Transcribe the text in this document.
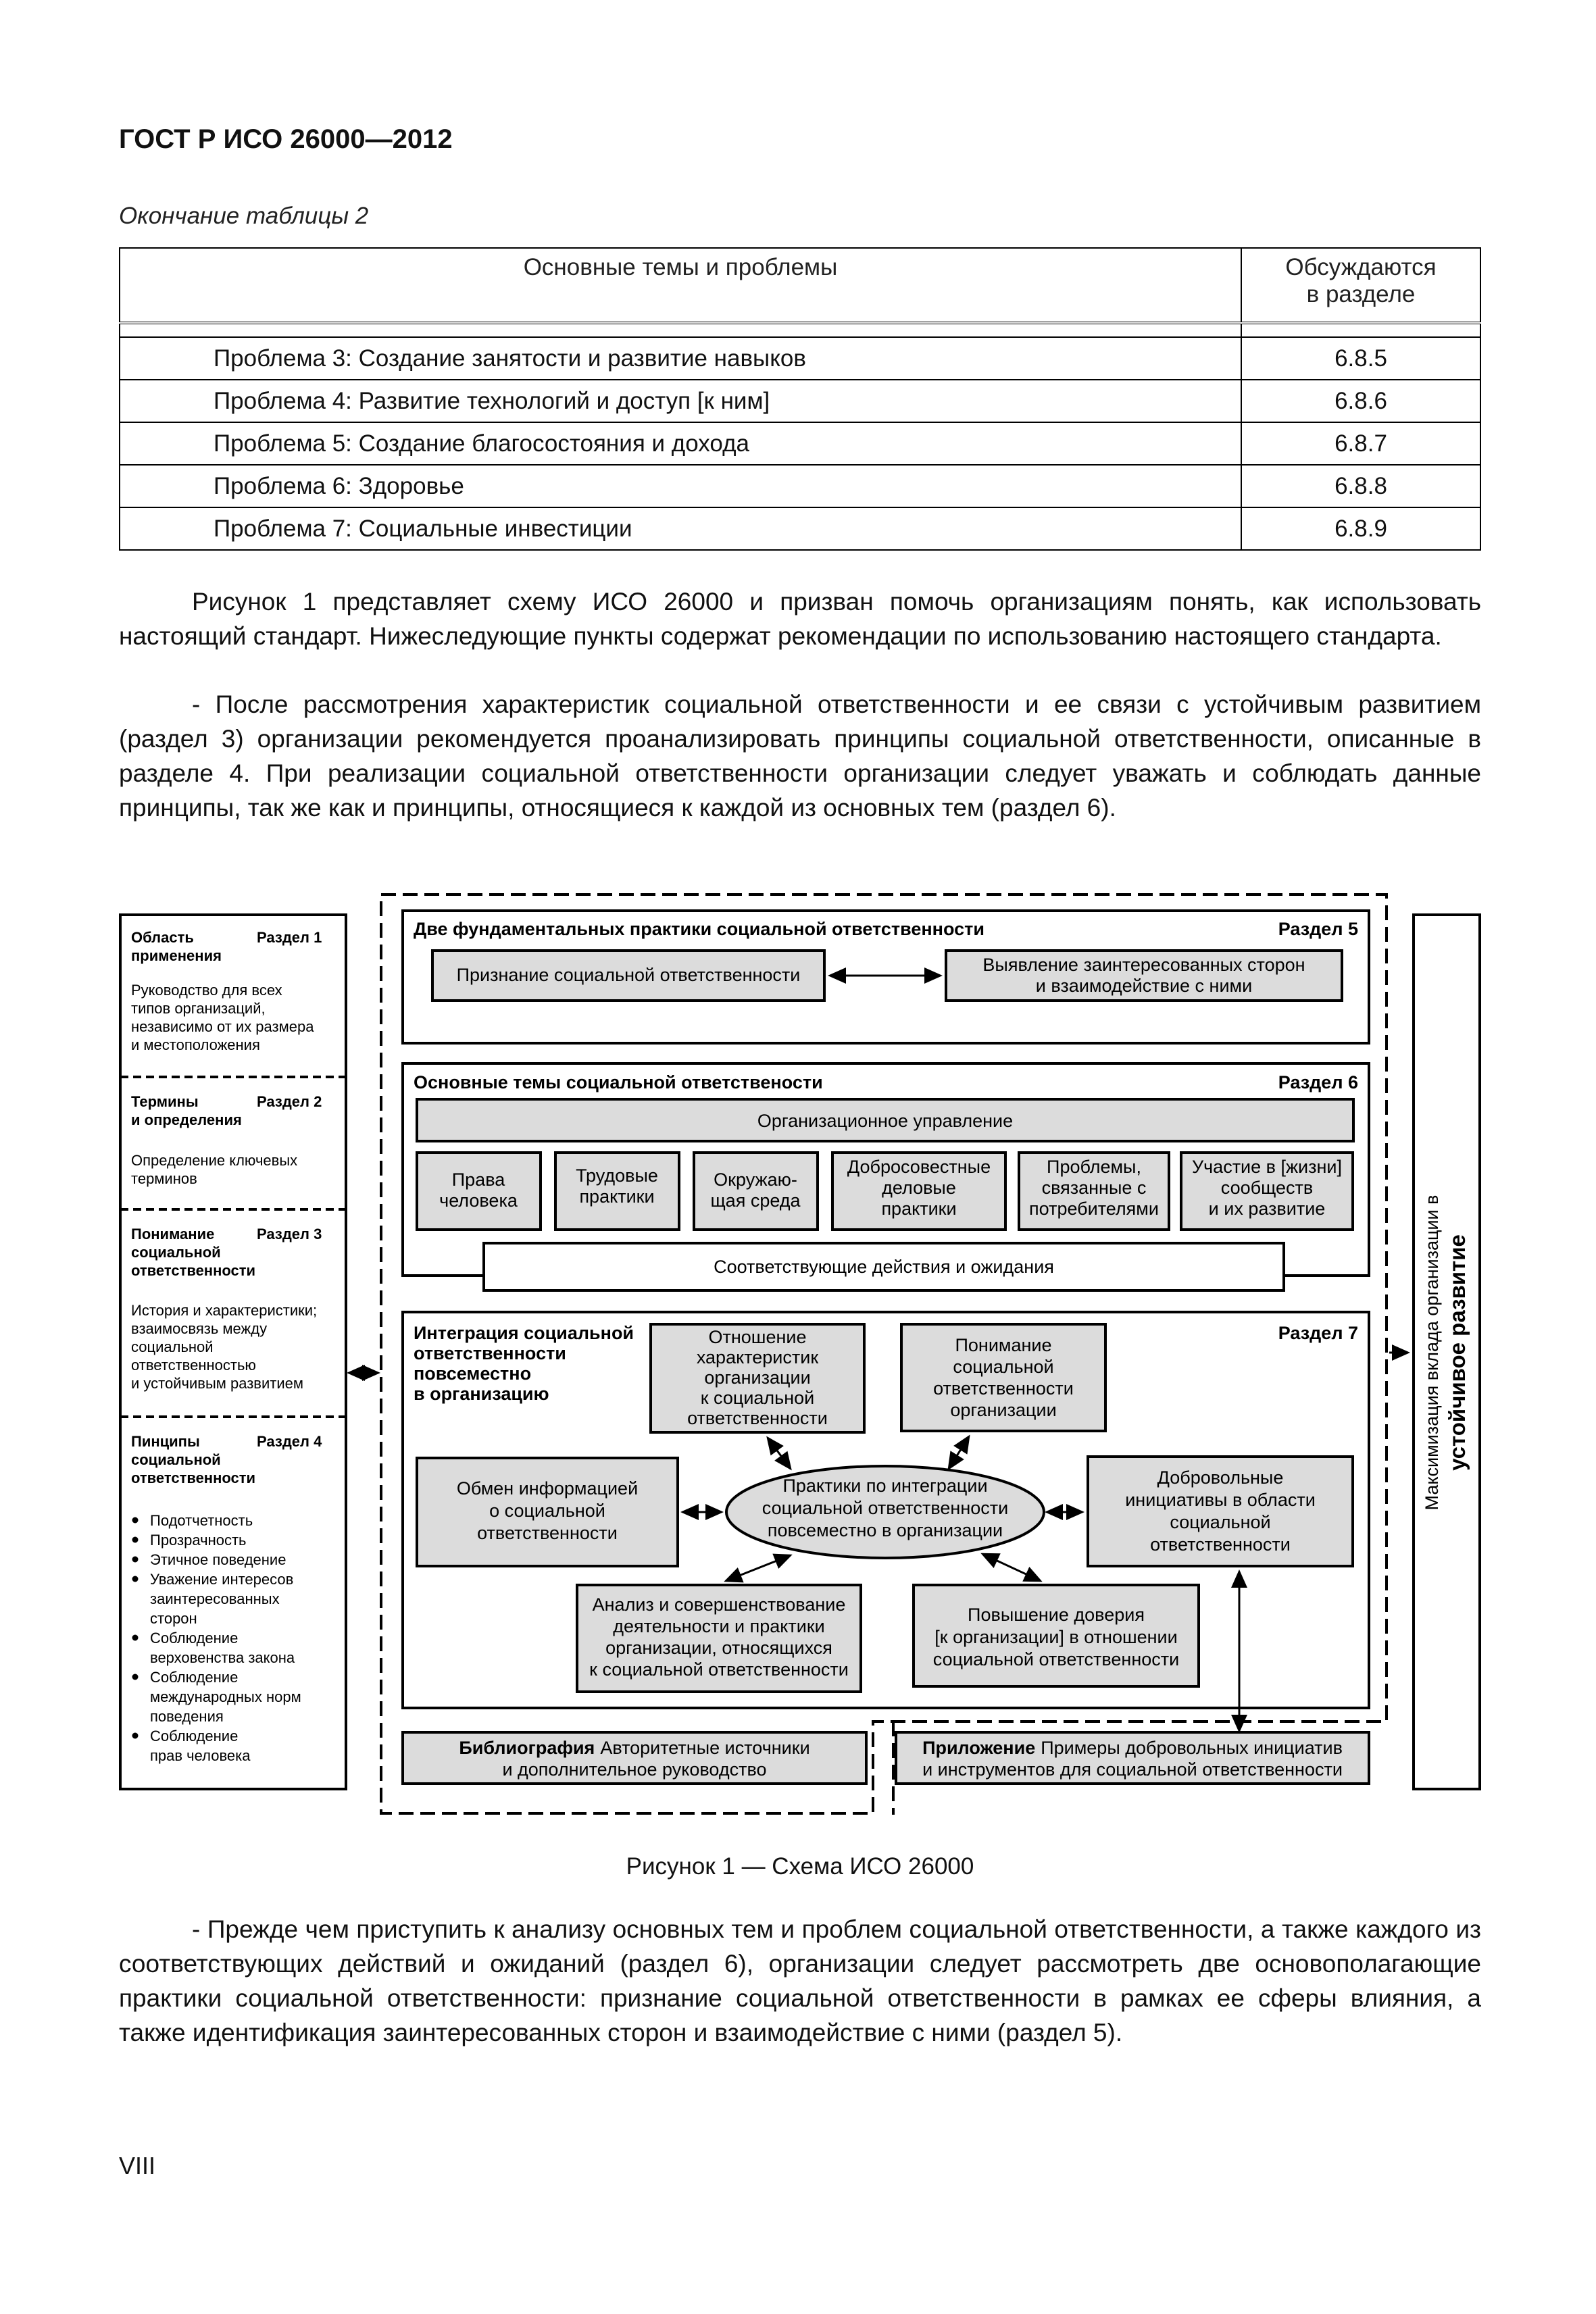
ГОСТ Р ИСО 26000—2012
Окончание таблицы 2
Основные темы и проблемы	Обсуждаются
в разделе

Проблема 3: Создание занятости и развитие навыков	6.8.5
Проблема 4: Развитие технологий и доступ [к ним]	6.8.6
Проблема 5: Создание благосостояния и дохода	6.8.7
Проблема 6: Здоровье	6.8.8
Проблема 7: Социальные инвестиции	6.8.9
Рисунок 1 представляет схему ИСО 26000 и призван помочь организациям понять, как использовать настоящий стандарт. Нижеследующие пункты содержат рекомендации по использованию настоящего стандарта.
- После рассмотрения характеристик социальной ответственности и ее связи с устойчивым развитием (раздел 3) организации рекомендуется проанализировать принципы социальной ответственности, описанные в разделе 4. При реализации социальной ответственности организации следует уважать и соблюдать данные принципы, так же как и принципы, относящиеся к каждой из основных тем (раздел 6).
Область
применения
Раздел 1
Руководство для всех
типов организаций,
независимо от их размера
и местоположения
Термины
и определения
Раздел 2
Определение ключевых
терминов
Понимание
социальной
ответственности
Раздел 3
История и характеристики;
взаимосвязь между
социальной
ответственностью
и устойчивым развитием
Пинципы
социальной
ответственности
Раздел 4
Подотчетность
Прозрачность
Этичное поведение
Уважение интересов
заинтересованных
сторон
Соблюдение
верховенства закона
Соблюдение
международных норм
поведения
Соблюдение
прав человека
Две фундаментальных практики социальной ответственности	Раздел 5
Признание социальной ответственности	Выявление заинтересованных сторон
и взаимодействие с ними
Основные темы социальной ответствености	Раздел 6
Организационное управление
Права
человека
Трудовые
практики
Окружаю-
щая среда
Добросовестные
деловые
практики
Проблемы,
связанные с
потребителями
Участие в [жизни]
сообществ
и их развитие
Соответствующие действия и ожидания
Интеграция социальной
ответственности
повсеместно
в организацию
Раздел 7
Отношение
характеристик
организации
к социальной
ответственности
Понимание
социальной
ответственности
организации
Обмен информацией
о социальной
ответственности
Практики по интеграции
социальной ответственности
повсеместно в организации
Добровольные
инициативы в области
социальной
ответственности
Анализ и совершенствование
деятельности и практики
организации, относящихся
к социальной ответственности
Повышение доверия
[к организации] в отношении
социальной ответственности
Библиография Авторитетные источники
и дополнительное руководство
Приложение Примеры добровольных инициатив
и инструментов для социальной ответственности
Максимизация вклада организации в устойчивое развитие
Рисунок 1 — Схема ИСО 26000
- Прежде чем приступить к анализу основных тем и проблем социальной ответственности, а также каждого из соответствующих действий и ожиданий (раздел 6), организации следует рассмотреть две основополагающие практики социальной ответственности: признание социальной ответственности в рамках ее сферы влияния, а также идентификация заинтересованных сторон и взаимодействие с ними (раздел 5).
VIII
